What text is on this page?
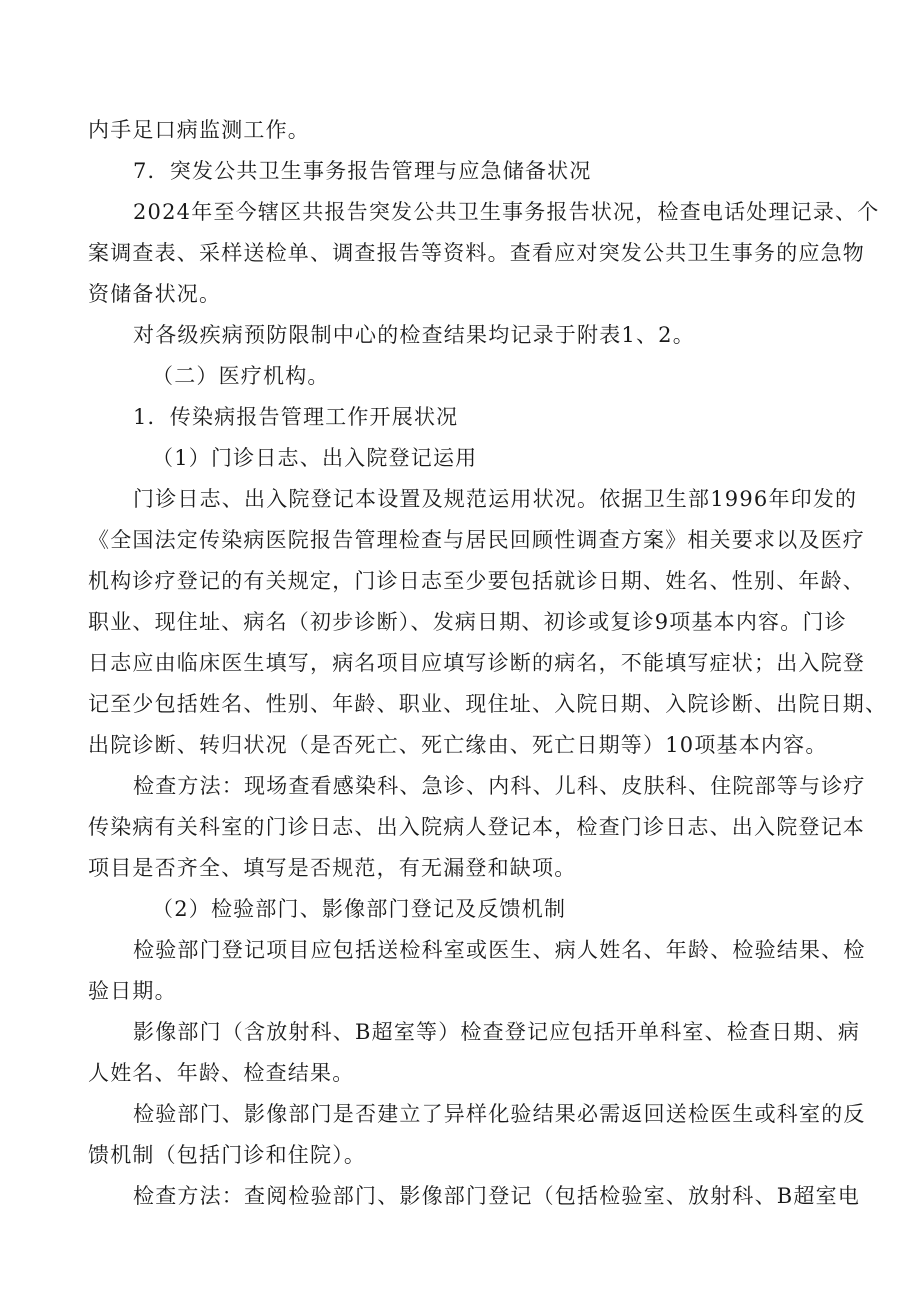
内手足口病监测工作。
7．突发公共卫生事务报告管理与应急储备状况
2024年至今辖区共报告突发公共卫生事务报告状况，检查电话处理记录、个
案调查表、采样送检单、调查报告等资料。查看应对突发公共卫生事务的应急物
资储备状况。
对各级疾病预防限制中心的检查结果均记录于附表1、2。
（二）医疗机构。
1．传染病报告管理工作开展状况
（1）门诊日志、出入院登记运用
门诊日志、出入院登记本设置及规范运用状况。依据卫生部1996年印发的
《全国法定传染病医院报告管理检查与居民回顾性调查方案》相关要求以及医疗
机构诊疗登记的有关规定，门诊日志至少要包括就诊日期、姓名、性别、年龄、
职业、现住址、病名（初步诊断）、发病日期、初诊或复诊9项基本内容。门诊
日志应由临床医生填写，病名项目应填写诊断的病名，不能填写症状；出入院登
记至少包括姓名、性别、年龄、职业、现住址、入院日期、入院诊断、出院日期、
出院诊断、转归状况（是否死亡、死亡缘由、死亡日期等）10项基本内容。
检查方法：现场查看感染科、急诊、内科、儿科、皮肤科、住院部等与诊疗
传染病有关科室的门诊日志、出入院病人登记本，检查门诊日志、出入院登记本
项目是否齐全、填写是否规范，有无漏登和缺项。
（2）检验部门、影像部门登记及反馈机制
检验部门登记项目应包括送检科室或医生、病人姓名、年龄、检验结果、检
验日期。
影像部门（含放射科、B超室等）检查登记应包括开单科室、检查日期、病
人姓名、年龄、检查结果。
检验部门、影像部门是否建立了异样化验结果必需返回送检医生或科室的反
馈机制（包括门诊和住院）。
检查方法：查阅检验部门、影像部门登记（包括检验室、放射科、B超室电
